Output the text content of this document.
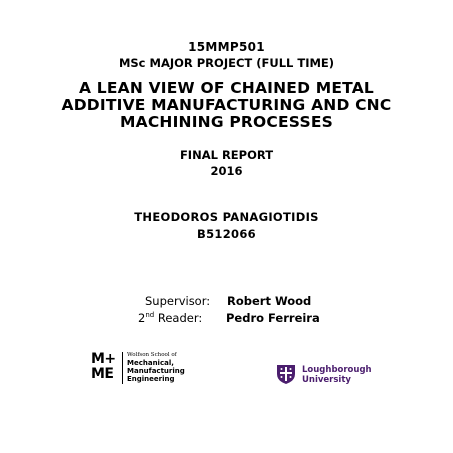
15MMP501
MSc MAJOR PROJECT (FULL TIME)
A LEAN VIEW OF CHAINED METAL
ADDITIVE MANUFACTURING AND CNC
MACHINING PROCESSES
FINAL REPORT
2016
THEODOROS PANAGIOTIDIS
B512066
Supervisor: Robert Wood
2nd Reader: Pedro Ferreira
M+
ME
Wolfson School of
Mechanical,
Manufacturing
Engineering
Loughborough
University
